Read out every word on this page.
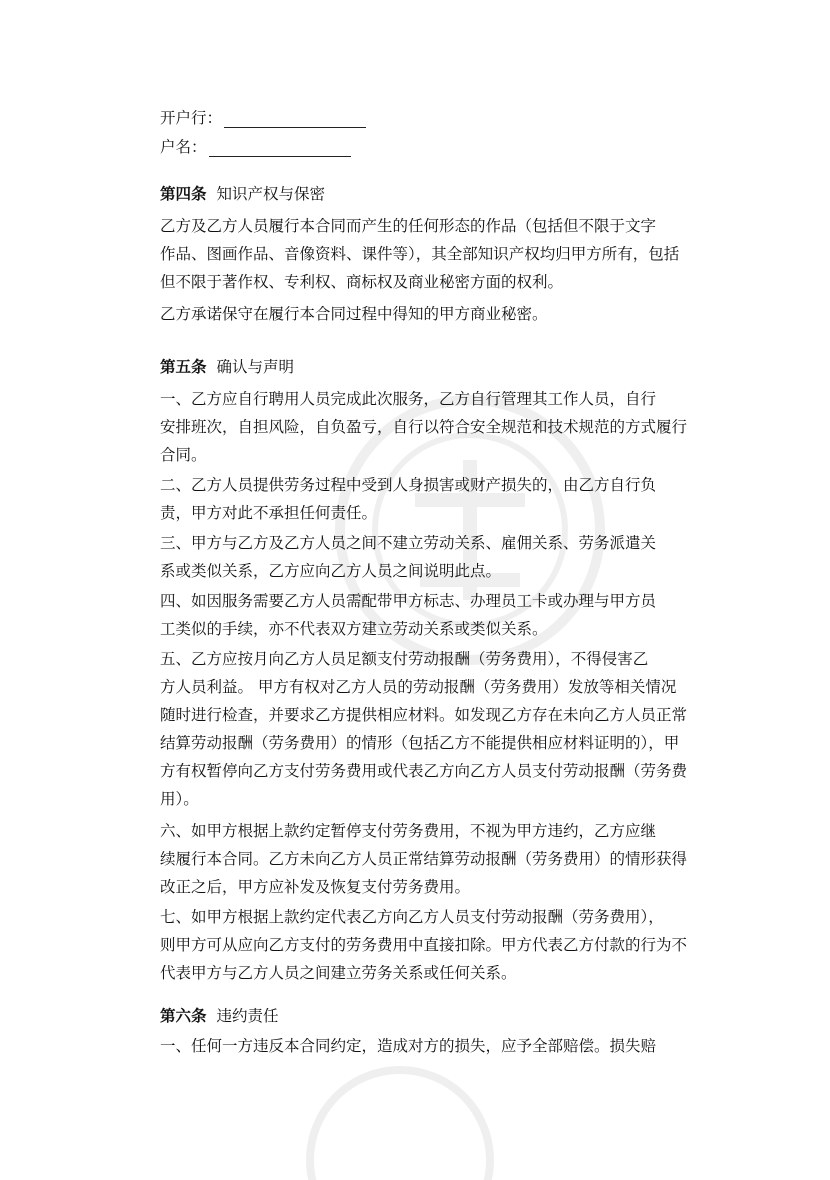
开户行：
户名：
第四条 知识产权与保密
乙方及乙方人员履行本合同而产生的任何形态的作品（包括但不限于文字
作品、图画作品、音像资料、课件等），其全部知识产权均归甲方所有，包括
但不限于著作权、专利权、商标权及商业秘密方面的权利。
乙方承诺保守在履行本合同过程中得知的甲方商业秘密。
第五条 确认与声明
一、乙方应自行聘用人员完成此次服务，乙方自行管理其工作人员，自行
安排班次，自担风险，自负盈亏，自行以符合安全规范和技术规范的方式履行
合同。
二、乙方人员提供劳务过程中受到人身损害或财产损失的，由乙方自行负
责，甲方对此不承担任何责任。
三、甲方与乙方及乙方人员之间不建立劳动关系、雇佣关系、劳务派遣关
系或类似关系，乙方应向乙方人员之间说明此点。
四、如因服务需要乙方人员需配带甲方标志、办理员工卡或办理与甲方员
工类似的手续，亦不代表双方建立劳动关系或类似关系。
五、乙方应按月向乙方人员足额支付劳动报酬（劳务费用），不得侵害乙
方人员利益。 甲方有权对乙方人员的劳动报酬（劳务费用）发放等相关情况
随时进行检查，并要求乙方提供相应材料。如发现乙方存在未向乙方人员正常
结算劳动报酬（劳务费用）的情形（包括乙方不能提供相应材料证明的），甲
方有权暂停向乙方支付劳务费用或代表乙方向乙方人员支付劳动报酬（劳务费
用）。
六、如甲方根据上款约定暂停支付劳务费用，不视为甲方违约，乙方应继
续履行本合同。乙方未向乙方人员正常结算劳动报酬（劳务费用）的情形获得
改正之后，甲方应补发及恢复支付劳务费用。
七、如甲方根据上款约定代表乙方向乙方人员支付劳动报酬（劳务费用），
则甲方可从应向乙方支付的劳务费用中直接扣除。甲方代表乙方付款的行为不
代表甲方与乙方人员之间建立劳务关系或任何关系。
第六条 违约责任
一、任何一方违反本合同约定，造成对方的损失，应予全部赔偿。损失赔
